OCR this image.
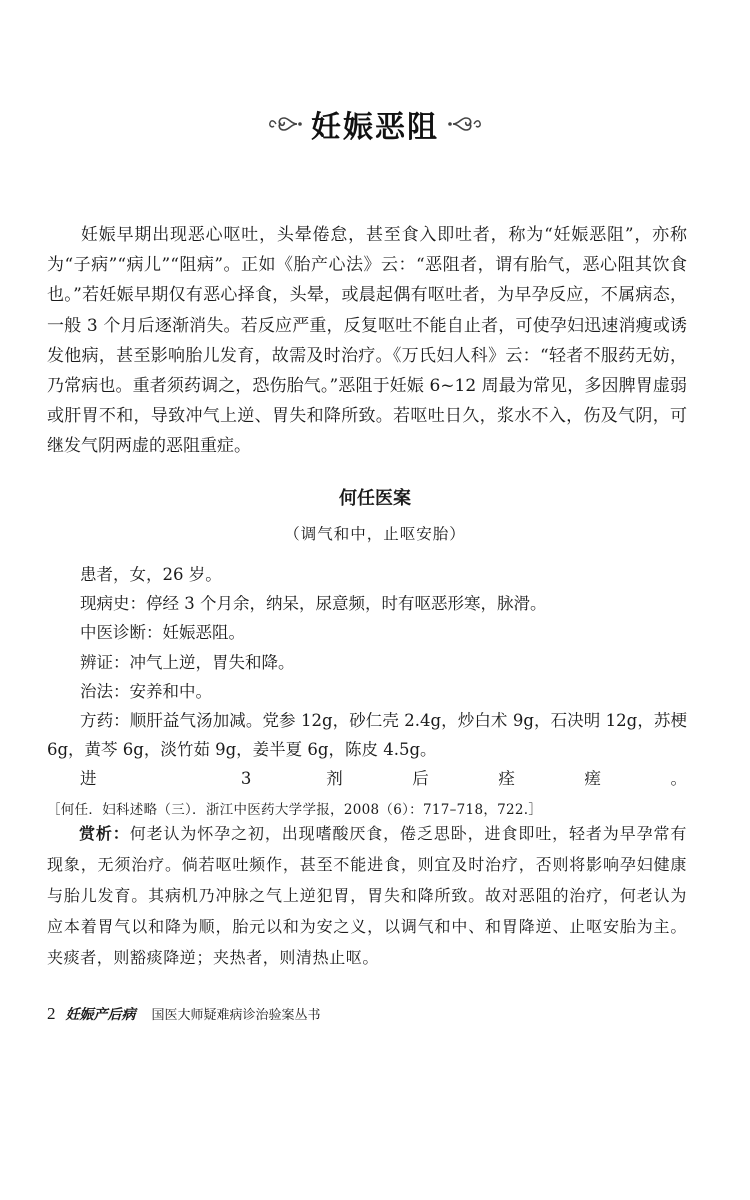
妊娠恶阻

妊娠早期出现恶心呕吐，头晕倦怠，甚至食入即吐者，称为“妊娠恶阻”，亦称为“子病”“病儿”“阻病”。正如《胎产心法》云：“恶阻者，谓有胎气，恶心阻其饮食也。”若妊娠早期仅有恶心择食，头晕，或晨起偶有呕吐者，为早孕反应，不属病态，一般 3 个月后逐渐消失。若反应严重，反复呕吐不能自止者，可使孕妇迅速消瘦或诱发他病，甚至影响胎儿发育，故需及时治疗。《万氏妇人科》云：“轻者不服药无妨，乃常病也。重者须药调之，恐伤胎气。”恶阻于妊娠 6~12 周最为常见，多因脾胃虚弱或肝胃不和，导致冲气上逆、胃失和降所致。若呕吐日久，浆水不入，伤及气阴，可继发气阴两虚的恶阻重症。

何任医案
（调气和中，止呕安胎）

患者，女，26 岁。

现病史：停经 3 个月余，纳呆，尿意频，时有呕恶形寒，脉滑。

中医诊断：妊娠恶阻。

辨证：冲气上逆，胃失和降。

治法：安养和中。

方药：顺肝益气汤加减。党参 12g，砂仁壳 2.4g，炒白术 9g，石决明 12g，苏梗 6g，黄芩 6g，淡竹茹 9g，姜半夏 6g，陈皮 4.5g。

进 3 剂后痊瘥。［何任．妇科述略（三）．浙江中医药大学学报，2008（6）：717–718，722.］

赏析：何老认为怀孕之初，出现嗜酸厌食，倦乏思卧，进食即吐，轻者为早孕常有现象，无须治疗。倘若呕吐频作，甚至不能进食，则宜及时治疗，否则将影响孕妇健康与胎儿发育。其病机乃冲脉之气上逆犯胃，胃失和降所致。故对恶阻的治疗，何老认为应本着胃气以和降为顺，胎元以和为安之义，以调气和中、和胃降逆、止呕安胎为主。夹痰者，则豁痰降逆；夹热者，则清热止呕。

2 妊娠产后病 国医大师疑难病诊治验案丛书
